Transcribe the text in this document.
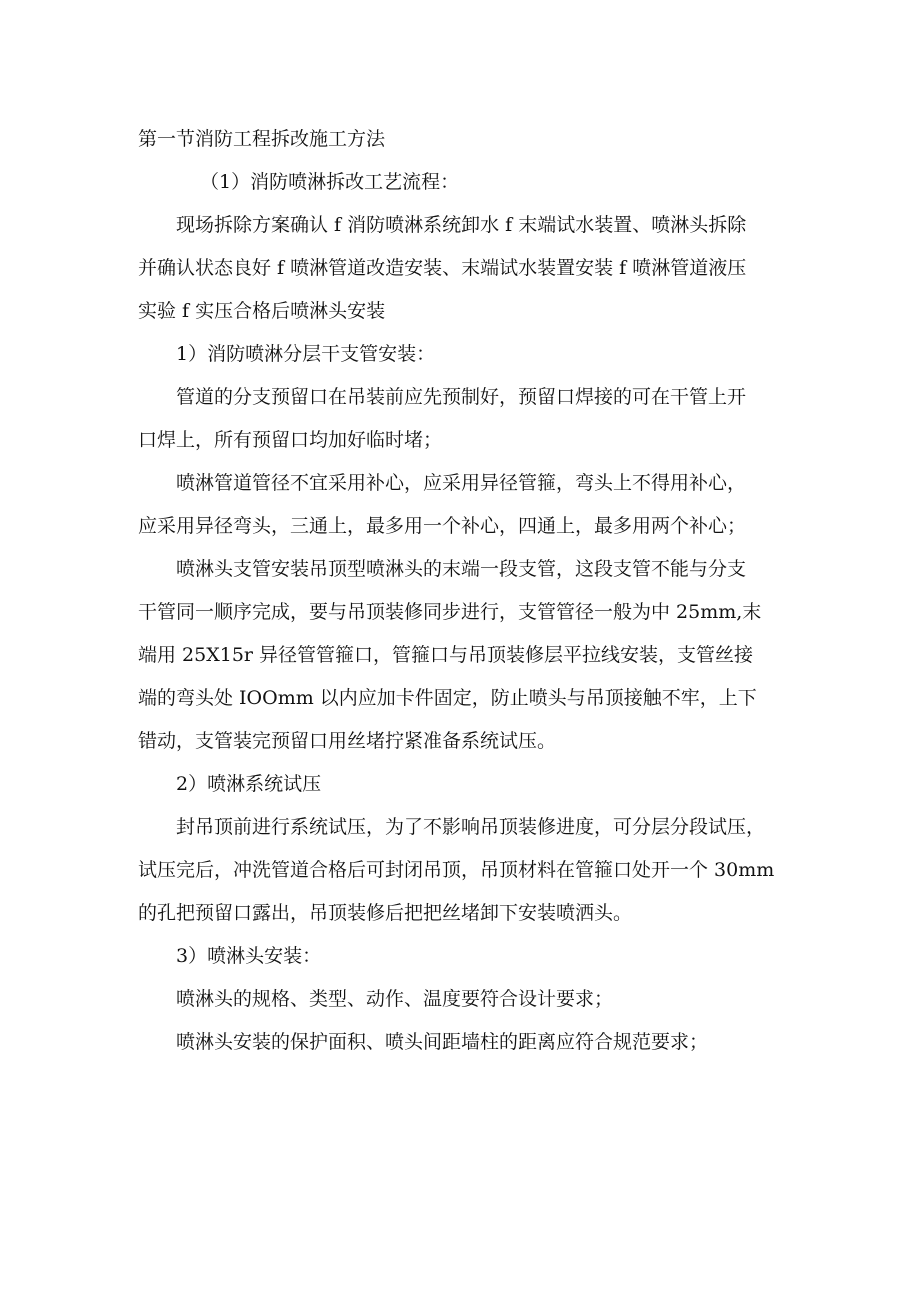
第一节消防工程拆改施工方法
（1）消防喷淋拆改工艺流程：
现场拆除方案确认 f 消防喷淋系统卸水 f 末端试水装置、喷淋头拆除
并确认状态良好 f 喷淋管道改造安装、末端试水装置安装 f 喷淋管道液压
实验 f 实压合格后喷淋头安装
1）消防喷淋分层干支管安装：
管道的分支预留口在吊装前应先预制好，预留口焊接的可在干管上开
口焊上，所有预留口均加好临时堵；
喷淋管道管径不宜采用补心，应采用异径管箍，弯头上不得用补心，
应采用异径弯头，三通上，最多用一个补心，四通上，最多用两个补心；
喷淋头支管安装吊顶型喷淋头的末端一段支管，这段支管不能与分支
干管同一顺序完成，要与吊顶装修同步进行，支管管径一般为中 25mm,末
端用 25X15r 异径管管箍口，管箍口与吊顶装修层平拉线安装，支管丝接
端的弯头处 IOOmm 以内应加卡件固定，防止喷头与吊顶接触不牢，上下
错动，支管装完预留口用丝堵拧紧准备系统试压。
2）喷淋系统试压
封吊顶前进行系统试压，为了不影响吊顶装修进度，可分层分段试压，
试压完后，冲洗管道合格后可封闭吊顶，吊顶材料在管箍口处开一个 30mm
的孔把预留口露出，吊顶装修后把把丝堵卸下安装喷洒头。
3）喷淋头安装：
喷淋头的规格、类型、动作、温度要符合设计要求；
喷淋头安装的保护面积、喷头间距墙柱的距离应符合规范要求；
